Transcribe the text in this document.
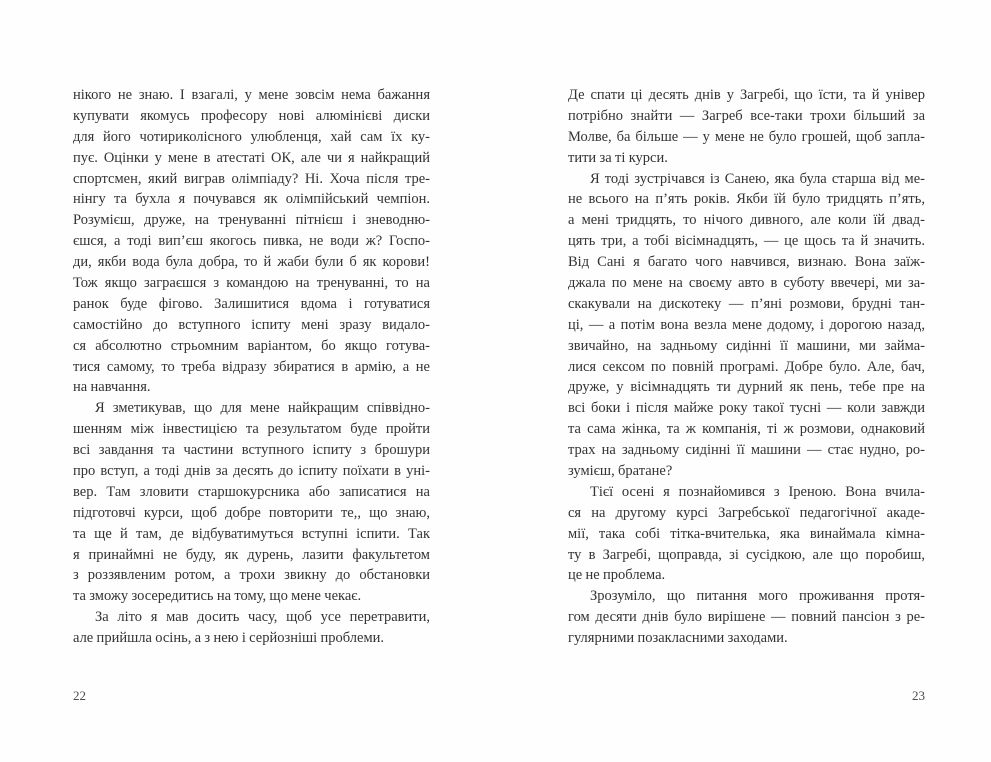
нікого не знаю. І взагалі, у мене зовсім нема бажання
купувати якомусь професору нові алюмінієві диски
для його чотириколісного улюбленця, хай сам їх ку-
пує. Оцінки у мене в атестаті ОК, але чи я найкращий
спортсмен, який виграв олімпіаду? Ні. Хоча після тре-
нінгу та бухла я почувався як олімпійський чемпіон.
Розумієш, друже, на тренуванні пітнієш і зневодню-
єшся, а тоді вип’єш якогось пивка, не води ж? Госпо-
ди, якби вода була добра, то й жаби були б як корови!
Тож якщо заграєшся з командою на тренуванні, то на
ранок буде фігово. Залишитися вдома і готуватися
самостійно до вступного іспиту мені зразу видало-
ся абсолютно стрьомним варіантом, бо якщо готува-
тися самому, то треба відразу збиратися в армію, а не
на навчання.
Я зметикував, що для мене найкращим співвідно-
шенням між інвестицією та результатом буде пройти
всі завдання та частини вступного іспиту з брошури
про вступ, а тоді днів за десять до іспиту поїхати в уні-
вер. Там зловити старшокурсника або записатися на
підготовчі курси, щоб добре повторити те,, що знаю,
та ще й там, де відбуватимуться вступні іспити. Так
я принаймні не буду, як дурень, лазити факультетом
з роззявленим ротом, а трохи звикну до обстановки
та зможу зосередитись на тому, що мене чекає.
За літо я мав досить часу, щоб усе перетравити,
але прийшла осінь, а з нею і серйозніші проблеми.
Де спати ці десять днів у Загребі, що їсти, та й універ
потрібно знайти — Загреб все-таки трохи більший за
Молве, ба більше — у мене не було грошей, щоб запла-
тити за ті курси.
Я тоді зустрічався із Санею, яка була старша від ме-
не всього на п’ять років. Якби їй було тридцять п’ять,
а мені тридцять, то нічого дивного, але коли їй двад-
цять три, а тобі вісімнадцять, — це щось та й значить.
Від Сані я багато чого навчився, визнаю. Вона заїж-
джала по мене на своєму авто в суботу ввечері, ми за-
скакували на дискотеку — п’яні розмови, брудні тан-
ці, — а потім вона везла мене додому, і дорогою назад,
звичайно, на задньому сидінні її машини, ми займа-
лися сексом по повній програмі. Добре було. Але, бач,
друже, у вісімнадцять ти дурний як пень, тебе пре на
всі боки і після майже року такої тусні — коли завжди
та сама жінка, та ж компанія, ті ж розмови, однаковий
трах на задньому сидінні її машини — стає нудно, ро-
зумієш, братане?
Тієї осені я познайомився з Іреною. Вона вчила-
ся на другому курсі Загребської педагогічної акаде-
мії, така собі тітка-вчителька, яка винаймала кімна-
ту в Загребі, щоправда, зі сусідкою, але що поробиш,
це не проблема.
Зрозуміло, що питання мого проживання протя-
гом десяти днів було вирішене — повний пансіон з ре-
гулярними позакласними заходами.
22	23
